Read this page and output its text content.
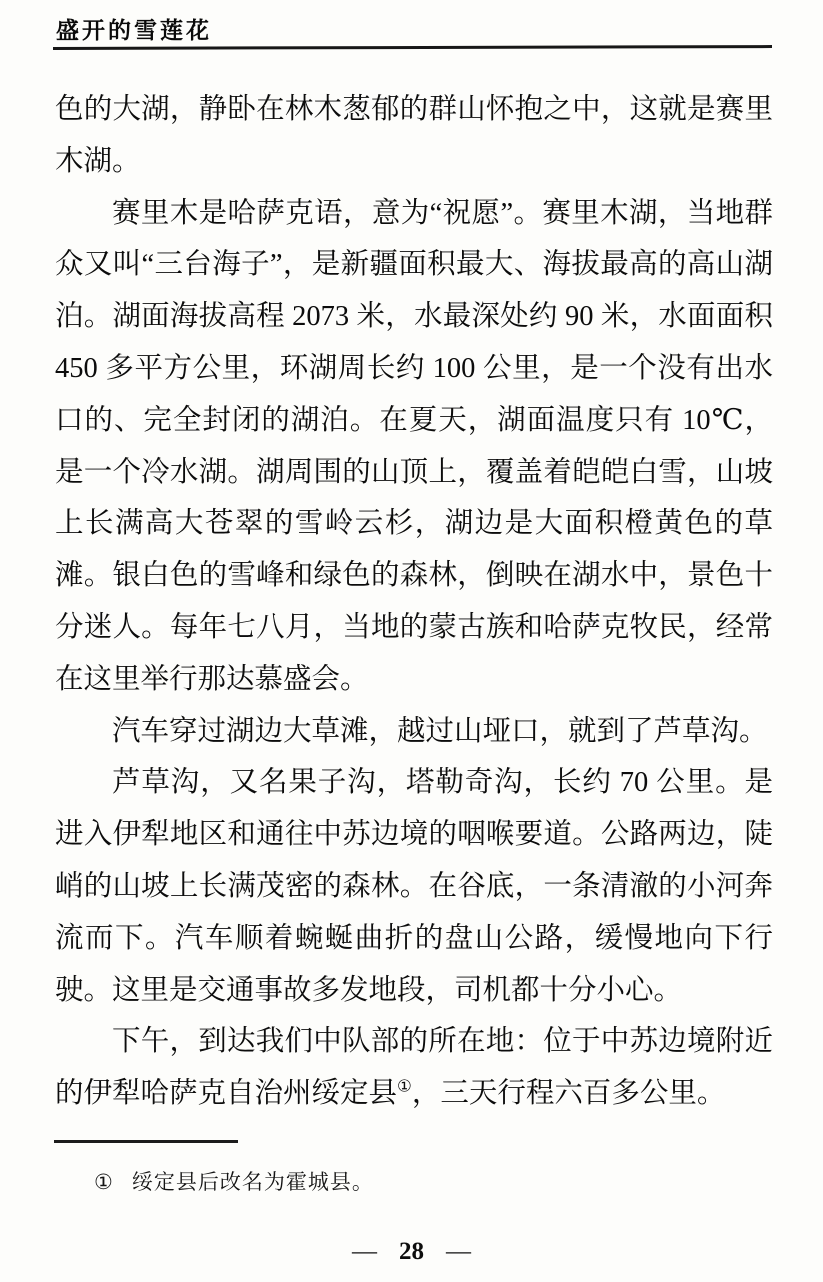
盛开的雪莲花

色的大湖，静卧在林木葱郁的群山怀抱之中，这就是赛里木湖。

赛里木是哈萨克语，意为“祝愿”。赛里木湖，当地群众又叫“三台海子”，是新疆面积最大、海拔最高的高山湖泊。湖面海拔高程 2073 米，水最深处约 90 米，水面面积 450 多平方公里，环湖周长约 100 公里，是一个没有出水口的、完全封闭的湖泊。在夏天，湖面温度只有 10℃，是一个冷水湖。湖周围的山顶上，覆盖着皑皑白雪，山坡上长满高大苍翠的雪岭云杉，湖边是大面积橙黄色的草滩。银白色的雪峰和绿色的森林，倒映在湖水中，景色十分迷人。每年七八月，当地的蒙古族和哈萨克牧民，经常在这里举行那达慕盛会。

汽车穿过湖边大草滩，越过山垭口，就到了芦草沟。

芦草沟，又名果子沟，塔勒奇沟，长约 70 公里。是进入伊犁地区和通往中苏边境的咽喉要道。公路两边，陡峭的山坡上长满茂密的森林。在谷底，一条清澈的小河奔流而下。汽车顺着蜿蜒曲折的盘山公路，缓慢地向下行驶。这里是交通事故多发地段，司机都十分小心。

下午，到达我们中队部的所在地：位于中苏边境附近的伊犁哈萨克自治州绥定县①，三天行程六百多公里。

① 绥定县后改名为霍城县。
— 28 —
